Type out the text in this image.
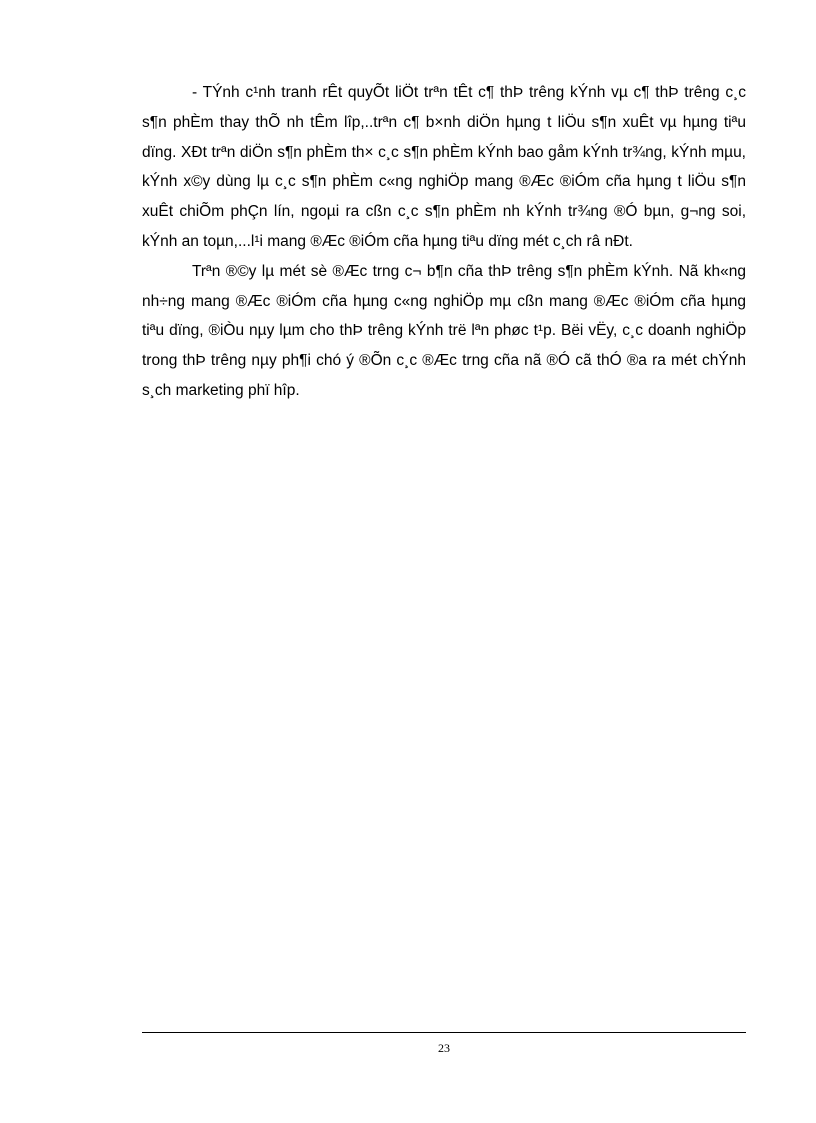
- TÝnh c¹nh tranh rÊt quyÕt liÖt trªn tÊt c¶ thÞ trêng kÝnh vµ c¶ thÞ trêng c¸c s¶n phÈm thay thÕ nh tÊm lîp,..trªn c¶ b×nh diÖn hµng t liÖu s¶n xuÊt vµ hµng tiªu dïng. XÐt trªn diÖn s¶n phÈm th× c¸c s¶n phÈm kÝnh bao gåm kÝnh tr¾ng, kÝnh mµu, kÝnh x©y dùng lµ c¸c s¶n phÈm c«ng nghiÖp mang ®Æc ®iÓm cña hµng t liÖu s¶n xuÊt chiÕm phÇn lín, ngoµi ra cßn c¸c s¶n phÈm nh kÝnh tr¾ng ®Ó bµn, g¬ng soi, kÝnh an toµn,...l¹i mang ®Æc ®iÓm cña hµng tiªu dïng mét c¸ch râ nÐt.

Trªn ®©y lµ mét sè ®Æc trng c¬ b¶n cña thÞ trêng s¶n phÈm kÝnh. Nã kh«ng nh÷ng mang ®Æc ®iÓm cña hµng c«ng nghiÖp mµ cßn mang ®Æc ®iÓm cña hµng tiªu dïng, ®iÒu nµy lµm cho thÞ trêng kÝnh trë lªn phøc t¹p. Bëi vËy, c¸c doanh nghiÖp trong thÞ trêng nµy ph¶i chó ý ®Õn c¸c ®Æc trng cña nã ®Ó cã thÓ ®a ra mét chÝnh s¸ch marketing phï hîp.

23
